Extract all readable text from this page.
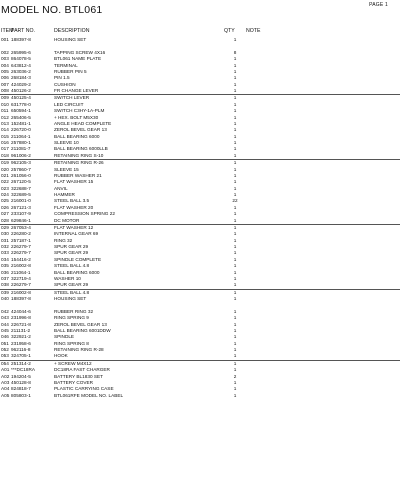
PAGE 1
MODEL NO. BTL061
ITEM
PART NO.	DESCRIPTION	QTY NOTE
001 188397-8	HOUSING SET	1
002 265995-6	TAPPING SCREW 4X16	8
003 864078-5	BTL061 NAME PLATE	1
004 643812-4	TERMINAL	1
005 263036-2	RUBBER PIN 5	1
006 268184-3	PIN 1.5	1
007 424029-2	CUSHION	1
008 450126-2	FR CHANGE LEVER	1
009 450125-4	SWITCH LEVER	1
010 631778-0	LED CIRCUIT	1
011 650594-1	SWITCH C3HY-1A-PLM	1
012 265406-5	+ HEX. BOLT M5X30	1
013 152481-1	ANGLE HEAD COMPLETE	1
014 226720-0	ZEROL BEVEL GEAR 13	1
015 211064-1	BALL BEARING 6000	1
016 257880-1	SLEEVE 10	1
017 211081-7	BALL BEARING 6000LLB	1
018 961006-2	RETAINING RING S-10	1
019 962105-3	RETAINING RING R-26	1
020 257860-7	SLEEVE 15	1
021 261056-0	RUBBER WASHER 21	1
022 267120-5	FLAT WASHER 15	1
023 322688-7	ANVIL	1
024 322689-5	HAMMER	1
025 216001-0	STEEL BALL 3.5	22
026 267121-3	FLAT WASHER 20	1
027 233107-9	COMPRESSION SPRING 22	1
028 629846-1	DC MOTOR	1
029 267053-4	FLAT WASHER 12	1
030 226280-2	INTERNAL GEAR 69	1
031 257187-1	RING 32	1
032 226279-7	SPUR GEAR 29	1
033 226279-7	SPUR GEAR 29	1
034 154416-2	SPINDLE COMPLETE	1
035 216002-8	STEEL BALL 4.8	1
036 211064-1	BALL BEARING 6000	1
037 322719-4	WASHER 10	1
038 226279-7	SPUR GEAR 29	1
039 216002-8	STEEL BALL 4.8	1
040 188397-8	HOUSING SET	1
042 424044-6	RUBBER RING 32	1
043 231996-8	RING SPRING 9	1
044 226721-8	ZEROL BEVEL GEAR 13	1
045 211131-2	BALL BEARING 6001DDW	1
046 322921-2	SPINDLE	1
051 231958-6	RING SPRING 8	1
052 962116-8	RETAINING RING R-28	1
053 324705-1	HOOK	1
054 251314-2	+ SCREW M4X12	1
A01 ***DC18RA	DC18RA FAST CHARGER	1
A02 194204-5	BATTERY BL1830 SET	2
A03 450128-8	BATTERY COVER	1
A04 824818-7	PLASTIC CARRYING CASE	1
A05 805803-1	BTL061RFE MODEL NO. LABEL	1
